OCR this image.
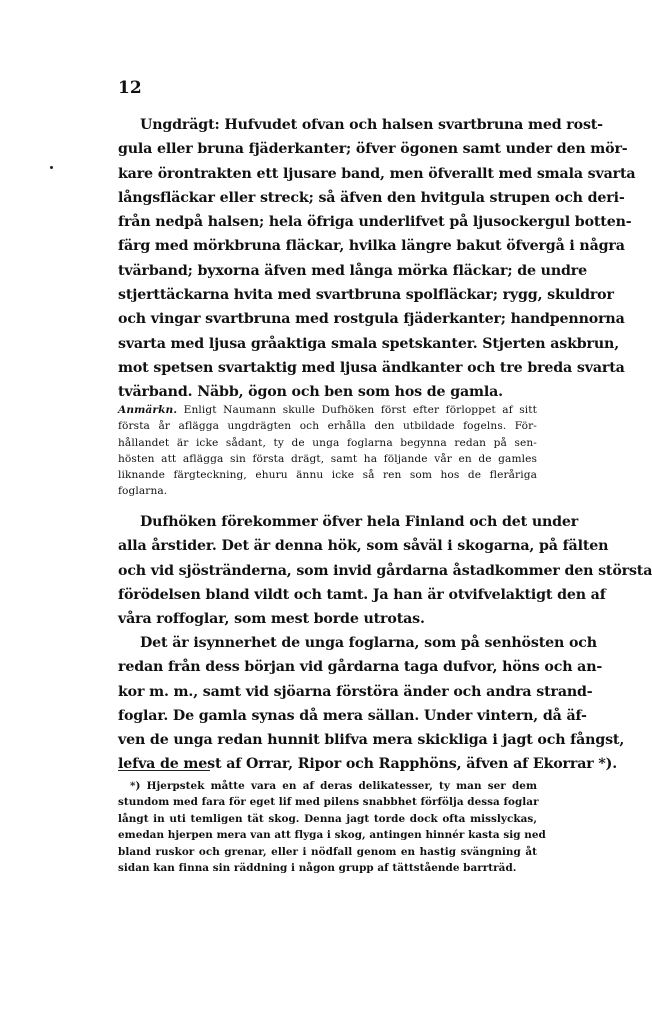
12
Ungdrägt: Hufvudet ofvan och halsen svartbruna med rost-
gula eller bruna fjäderkanter; öfver ögonen samt under den mör-
kare örontrakten ett ljusare band, men öfverallt med smala svarta
långsfläckar eller streck; så äfven den hvitgula strupen och deri-
från nedpå halsen; hela öfriga underlifvet på ljusockergul botten-
färg med mörkbruna fläckar, hvilka längre bakut öfvergå i några
tvärband; byxorna äfven med långa mörka fläckar; de undre
stjerttäckarna hvita med svartbruna spolfläckar; rygg, skuldror
och vingar svartbruna med rostgula fjäderkanter; handpennorna
svarta med ljusa gråaktiga smala spetskanter. Stjerten askbrun,
mot spetsen svartaktig med ljusa ändkanter och tre breda svarta
tvärband. Näbb, ögon och ben som hos de gamla.
Anmärkn. Enligt Naumann skulle Dufhöken först efter förloppet af sitt
första år aflägga ungdrägten och erhålla den utbildade fogelns. För-
hållandet är icke sådant, ty de unga foglarna begynna redan på sen-
hösten att aflägga sin första drägt, samt ha följande vår en de gamles
liknande färgteckning, ehuru ännu icke så ren som hos de fleråriga
foglarna.
Dufhöken förekommer öfver hela Finland och det under
alla årstider. Det är denna hök, som såväl i skogarna, på fälten
och vid sjöstränderna, som invid gårdarna åstadkommer den största
förödelsen bland vildt och tamt. Ja han är otvifvelaktigt den af
våra roffoglar, som mest borde utrotas.
Det är isynnerhet de unga foglarna, som på senhösten och
redan från dess början vid gårdarna taga dufvor, höns och an-
kor m. m., samt vid sjöarna förstöra änder och andra strand-
foglar. De gamla synas då mera sällan. Under vintern, då äf-
ven de unga redan hunnit blifva mera skickliga i jagt och fångst,
lefva de mest af Orrar, Ripor och Rapphöns, äfven af Ekorrar *).
*) Hjerpstek måtte vara en af deras delikatesser, ty man ser dem
stundom med fara för eget lif med pilens snabbhet förfölja dessa foglar
långt in uti temligen tät skog. Denna jagt torde dock ofta misslyckas,
emedan hjerpen mera van att flyga i skog, antingen hinnér kasta sig ned
bland ruskor och grenar, eller i nödfall genom en hastig svängning åt
sidan kan finna sin räddning i någon grupp af tättstående barrträd.
